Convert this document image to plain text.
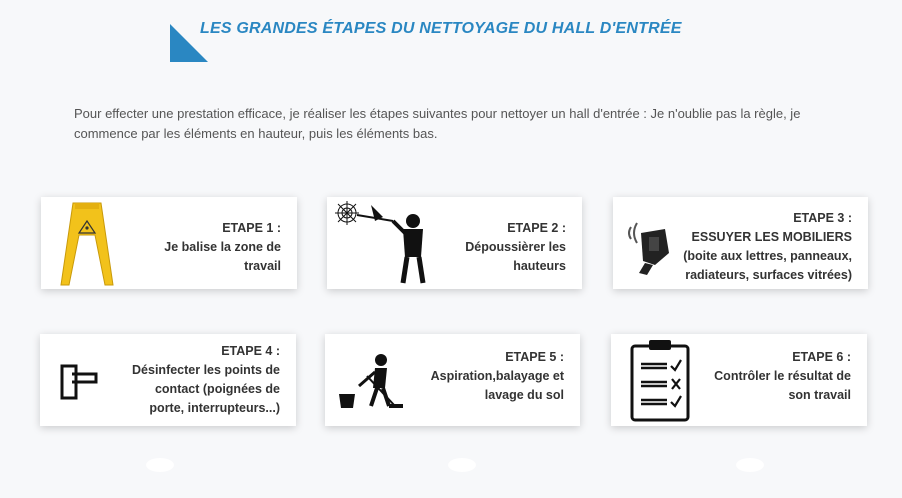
LES GRANDES ÉTAPES DU NETTOYAGE DU HALL D'ENTRÉE
Pour effecter une prestation efficace, je réaliser les étapes suivantes pour nettoyer un hall d'entrée : Je n'oublie pas la règle, je commence par les éléments en hauteur, puis les éléments bas.
ETAPE 1 :
Je balise la zone de travail
ETAPE 2 :
Dépoussièrer les hauteurs
ETAPE 3 :
ESSUYER LES MOBILIERS (boite aux lettres, panneaux, radiateurs, surfaces vitrées)
ETAPE 4 :
Désinfecter les points de contact (poignées de porte, interrupteurs...)
ETAPE 5 :
Aspiration,balayage et lavage du sol
ETAPE 6 :
Contrôler le résultat de son travail
